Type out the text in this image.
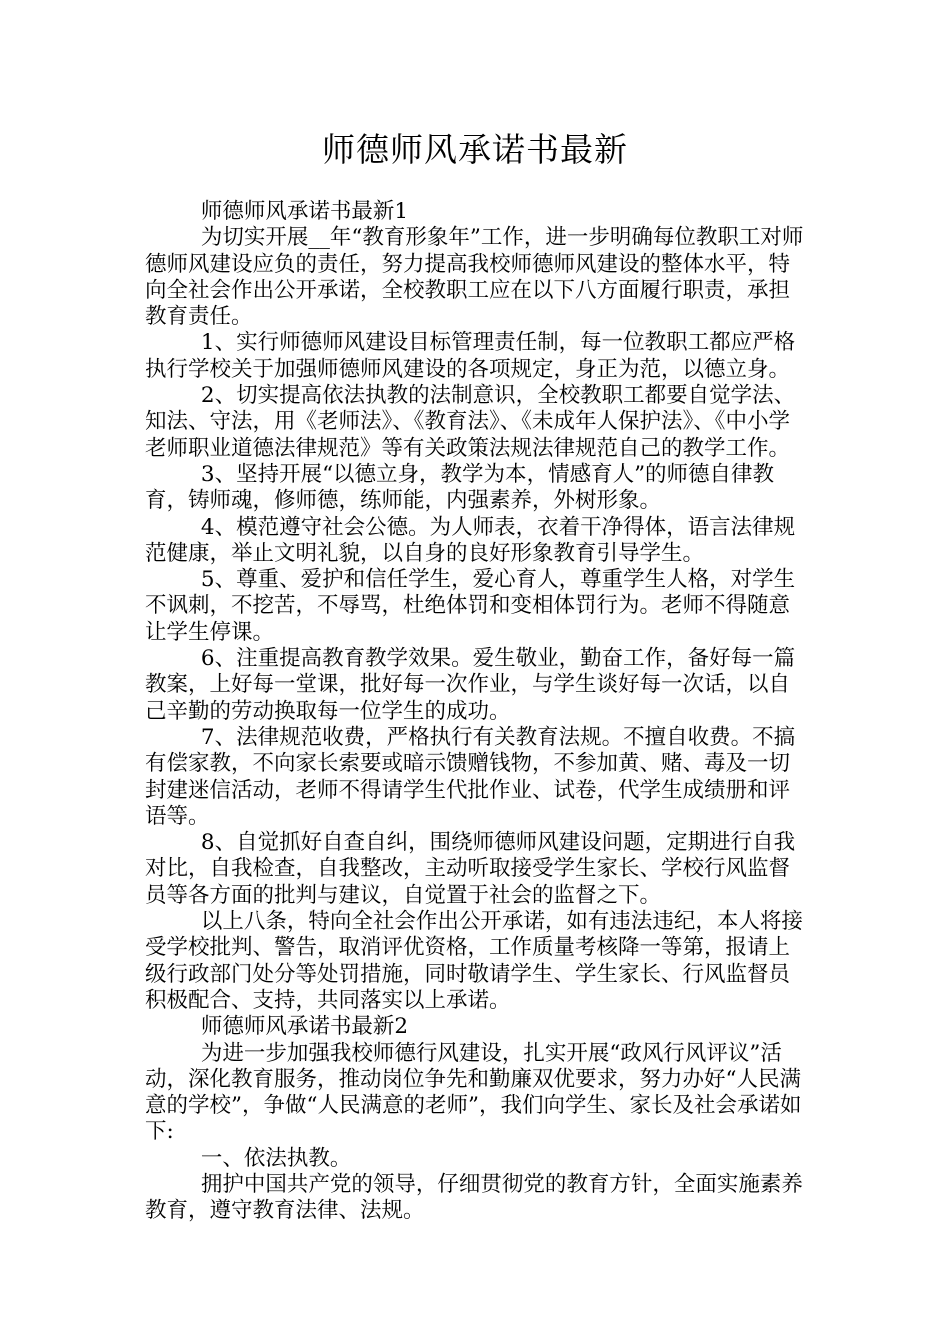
师德师风承诺书最新

师德师风承诺书最新1

为切实开展__年“教育形象年”工作，进一步明确每位教职工对师德师风建设应负的责任，努力提高我校师德师风建设的整体水平，特向全社会作出公开承诺，全校教职工应在以下八方面履行职责，承担教育责任。

1、实行师德师风建设目标管理责任制，每一位教职工都应严格执行学校关于加强师德师风建设的各项规定，身正为范，以德立身。

2、切实提高依法执教的法制意识，全校教职工都要自觉学法、知法、守法，用《老师法》、《教育法》、《未成年人保护法》、《中小学老师职业道德法律规范》等有关政策法规法律规范自己的教学工作。

3、坚持开展“以德立身，教学为本，情感育人”的师德自律教育，铸师魂，修师德，练师能，内强素养，外树形象。

4、模范遵守社会公德。为人师表，衣着干净得体，语言法律规范健康，举止文明礼貌，以自身的良好形象教育引导学生。

5、尊重、爱护和信任学生，爱心育人，尊重学生人格，对学生不讽刺，不挖苦，不辱骂，杜绝体罚和变相体罚行为。老师不得随意让学生停课。

6、注重提高教育教学效果。爱生敬业，勤奋工作，备好每一篇教案，上好每一堂课，批好每一次作业，与学生谈好每一次话，以自己辛勤的劳动换取每一位学生的成功。

7、法律规范收费，严格执行有关教育法规。不擅自收费。不搞有偿家教，不向家长索要或暗示馈赠钱物，不参加黄、赌、毒及一切封建迷信活动，老师不得请学生代批作业、试卷，代学生成绩册和评语等。

8、自觉抓好自查自纠，围绕师德师风建设问题，定期进行自我对比，自我检查，自我整改，主动听取接受学生家长、学校行风监督员等各方面的批判与建议，自觉置于社会的监督之下。

以上八条，特向全社会作出公开承诺，如有违法违纪，本人将接受学校批判、警告，取消评优资格，工作质量考核降一等第，报请上级行政部门处分等处罚措施，同时敬请学生、学生家长、行风监督员积极配合、支持，共同落实以上承诺。

师德师风承诺书最新2

为进一步加强我校师德行风建设，扎实开展“政风行风评议”活动，深化教育服务，推动岗位争先和勤廉双优要求，努力办好“人民满意的学校”，争做“人民满意的老师”，我们向学生、家长及社会承诺如下:

一、依法执教。

拥护中国共产党的领导，仔细贯彻党的教育方针，全面实施素养教育，遵守教育法律、法规。
